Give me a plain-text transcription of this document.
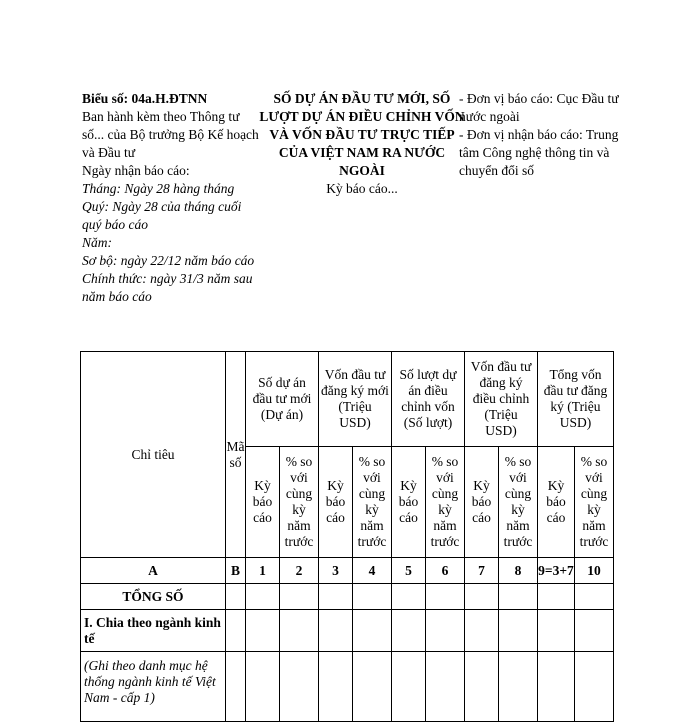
Biểu số: 04a.H.ĐTNN
Ban hành kèm theo Thông tư số... của Bộ trưởng Bộ Kế hoạch và Đầu tư
Ngày nhận báo cáo:
Tháng: Ngày 28 hàng tháng
Quý: Ngày 28 của tháng cuối quý báo cáo
Năm:
Sơ bộ: ngày 22/12 năm báo cáo
Chính thức: ngày 31/3 năm sau năm báo cáo
SỐ DỰ ÁN ĐẦU TƯ MỚI, SỐ LƯỢT DỰ ÁN ĐIỀU CHỈNH VỐN VÀ VỐN ĐẦU TƯ TRỰC TIẾP CỦA VIỆT NAM RA NƯỚC NGOÀI
Kỳ báo cáo...
- Đơn vị báo cáo: Cục Đầu tư nước ngoài
- Đơn vị nhận báo cáo: Trung tâm Công nghệ thông tin và chuyển đổi số
Chỉ tiêu	Mã số	Số dự án đầu tư mới (Dự án)		Vốn đầu tư đăng ký mới (Triệu USD)		Số lượt dự án điều chỉnh vốn (Số lượt)		Vốn đầu tư đăng ký điều chỉnh (Triệu USD)		Tổng vốn đầu tư đăng ký (Triệu USD)	
		Kỳ báo cáo	% so với cùng kỳ năm trước	Kỳ báo cáo	% so với cùng kỳ năm trước	Kỳ báo cáo	% so với cùng kỳ năm trước	Kỳ báo cáo	% so với cùng kỳ năm trước	Kỳ báo cáo	% so với cùng kỳ năm trước
A	B	1	2	3	4	5	6	7	8	9=3+7	10
TỔNG SỐ											
I. Chia theo ngành kinh tế											
(Ghi theo danh mục hệ thống ngành kinh tế Việt Nam - cấp 1)											
